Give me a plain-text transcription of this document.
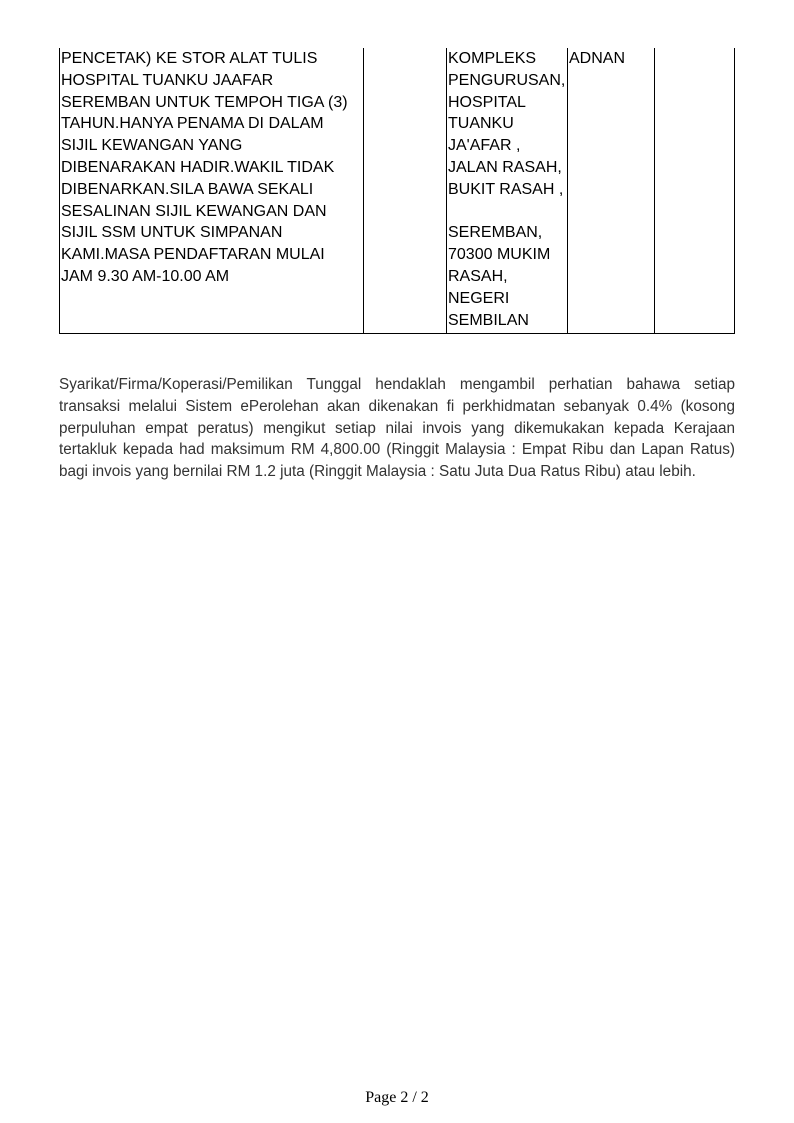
PENCETAK) KE STOR ALAT TULIS
HOSPITAL TUANKU JAAFAR
SEREMBAN UNTUK TEMPOH TIGA (3)
TAHUN.HANYA PENAMA DI DALAM
SIJIL KEWANGAN YANG
DIBENARAKAN HADIR.WAKIL TIDAK
DIBENARKAN.SILA BAWA SEKALI
SESALINAN SIJIL KEWANGAN DAN
SIJIL SSM UNTUK SIMPANAN
KAMI.MASA PENDAFTARAN MULAI
JAM 9.30 AM-10.00 AM
KOMPLEKS
PENGURUSAN,
HOSPITAL
TUANKU
JA'AFAR ,
JALAN RASAH,
BUKIT RASAH ,
SEREMBAN,
70300 MUKIM
RASAH,
NEGERI
SEMBILAN
ADNAN

Syarikat/Firma/Koperasi/Pemilikan Tunggal hendaklah mengambil perhatian bahawa setiap transaksi melalui Sistem ePerolehan akan dikenakan fi perkhidmatan sebanyak 0.4% (kosong perpuluhan empat peratus) mengikut setiap nilai invois yang dikemukakan kepada Kerajaan tertakluk kepada had maksimum RM 4,800.00 (Ringgit Malaysia : Empat Ribu dan Lapan Ratus) bagi invois yang bernilai RM 1.2 juta (Ringgit Malaysia : Satu Juta Dua Ratus Ribu) atau lebih.

Page 2 / 2
